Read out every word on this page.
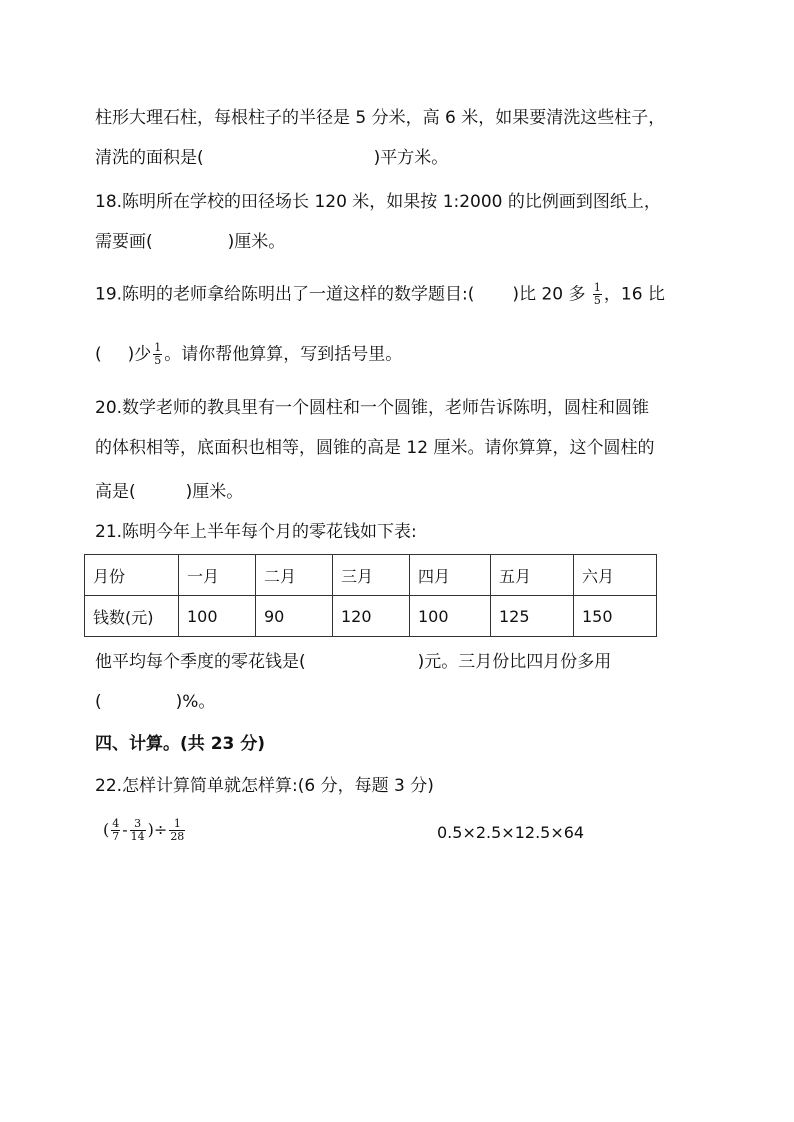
柱形大理石柱，每根柱子的半径是 5 分米，高 6 米，如果要清洗这些柱子，
清洗的面积是(	)平方米。
18.陈明所在学校的田径场长 120 米，如果按 1:2000 的比例画到图纸上，
需要画(	)厘米。
19.陈明的老师拿给陈明出了一道这样的数学题目:( )比 20 多 $\frac{1}{5}$ ，16 比
( )少 $\frac{1}{5}$ 。请你帮他算算，写到括号里。
20.数学老师的教具里有一个圆柱和一个圆锥，老师告诉陈明，圆柱和圆锥
的体积相等，底面积也相等，圆锥的高是 12 厘米。请你算算，这个圆柱的
高是(	)厘米。
21.陈明今年上半年每个月的零花钱如下表:
月份	一月	二月	三月	四月	五月	六月
钱数(元)	100	90	120	100	125	150
他平均每个季度的零花钱是(	)元。三月份比四月份多用
(	)%。
四、计算。(共 23 分)
22.怎样计算简单就怎样算:(6 分，每题 3 分)
( $\frac{4}{7} - \frac{3}{14}$ )÷ $\frac{1}{28}$	0.5×2.5×12.5×64
